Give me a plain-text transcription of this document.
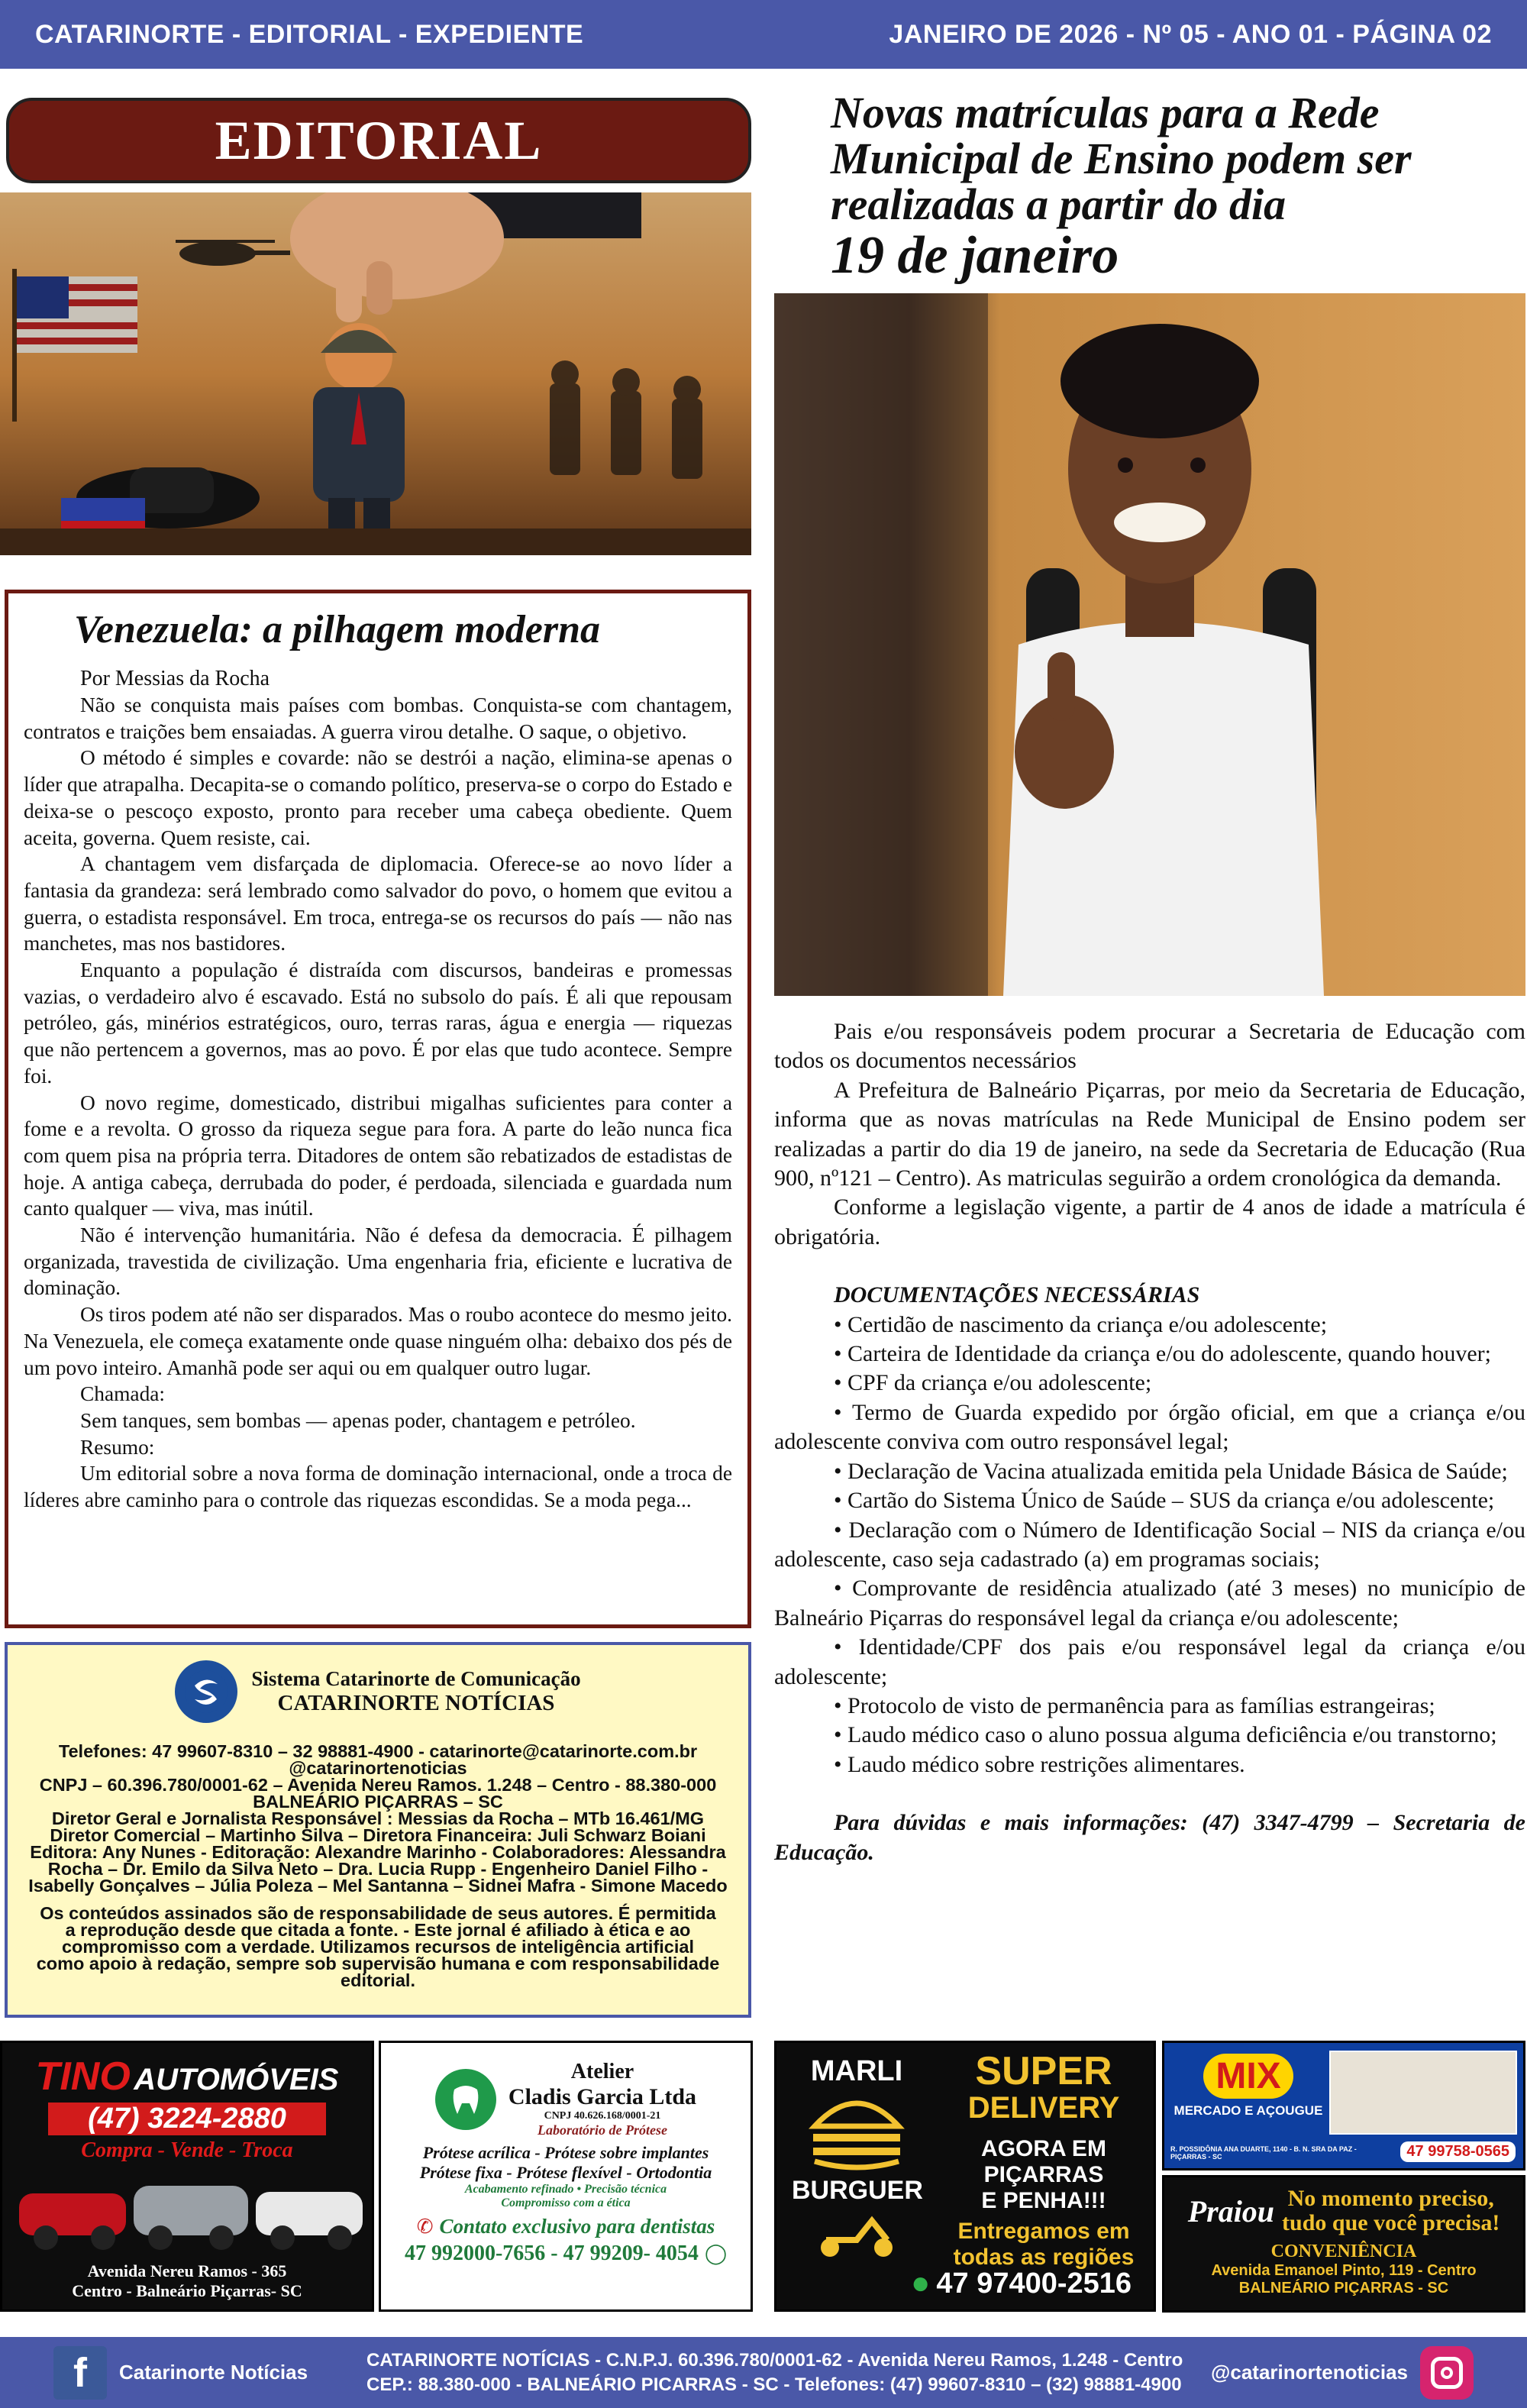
CATARINORTE - EDITORIAL - EXPEDIENTE	JANEIRO DE 2026 - Nº 05 - ANO 01 - PÁGINA 02
EDITORIAL
Venezuela: a pilhagem moderna
Por Messias da Rocha

Não se conquista mais países com bombas. Conquista-se com chantagem, contratos e traições bem ensaiadas. A guerra virou detalhe. O saque, o objetivo.

O método é simples e covarde: não se destrói a nação, elimina-se apenas o líder que atrapalha. Decapita-se o comando político, preserva-se o corpo do Estado e deixa-se o pescoço exposto, pronto para receber uma cabeça obediente. Quem aceita, governa. Quem resiste, cai.

A chantagem vem disfarçada de diplomacia. Oferece-se ao novo líder a fantasia da grandeza: será lembrado como salvador do povo, o homem que evitou a guerra, o estadista responsável. Em troca, entrega-se os recursos do país — não nas manchetes, mas nos bastidores.

Enquanto a população é distraída com discursos, bandeiras e promessas vazias, o verdadeiro alvo é escavado. Está no subsolo do país. É ali que repousam petróleo, gás, minérios estratégicos, ouro, terras raras, água e energia — riquezas que não pertencem a governos, mas ao povo. É por elas que tudo acontece. Sempre foi.

O novo regime, domesticado, distribui migalhas suficientes para conter a fome e a revolta. O grosso da riqueza segue para fora. A parte do leão nunca fica com quem pisa na própria terra. Ditadores de ontem são rebatizados de estadistas de hoje. A antiga cabeça, derrubada do poder, é perdoada, silenciada e guardada num canto qualquer — viva, mas inútil.

Não é intervenção humanitária. Não é defesa da democracia. É pilhagem organizada, travestida de civilização. Uma engenharia fria, eficiente e lucrativa de dominação.

Os tiros podem até não ser disparados. Mas o roubo acontece do mesmo jeito. Na Venezuela, ele começa exatamente onde quase ninguém olha: debaixo dos pés de um povo inteiro. Amanhã pode ser aqui ou em qualquer outro lugar.

Chamada:

Sem tanques, sem bombas — apenas poder, chantagem e petróleo.

Resumo:

Um editorial sobre a nova forma de dominação internacional, onde a troca de líderes abre caminho para o controle das riquezas escondidas. Se a moda pega...

Novas matrículas para a Rede
Municipal de Ensino podem ser
realizadas a partir do dia
19 de janeiro

Pais e/ou responsáveis podem procurar a Secretaria de Educação com todos os documentos necessários

A Prefeitura de Balneário Piçarras, por meio da Secretaria de Educação, informa que as novas matrículas na Rede Municipal de Ensino podem ser realizadas a partir do dia 19 de janeiro, na sede da Secretaria de Educação (Rua 900, nº121 – Centro). As matriculas seguirão a ordem cronológica da demanda.

Conforme a legislação vigente, a partir de 4 anos de idade a matrícula é obrigatória.

DOCUMENTAÇÕES NECESSÁRIAS

• Certidão de nascimento da criança e/ou adolescente;

• Carteira de Identidade da criança e/ou do adolescente, quando houver;

• CPF da criança e/ou adolescente;

• Termo de Guarda expedido por órgão oficial, em que a criança e/ou adolescente conviva com outro responsável legal;

• Declaração de Vacina atualizada emitida pela Unidade Básica de Saúde;

• Cartão do Sistema Único de Saúde – SUS da criança e/ou adolescente;

• Declaração com o Número de Identificação Social – NIS da criança e/ou adolescente, caso seja cadastrado (a) em programas sociais;

• Comprovante de residência atualizado (até 3 meses) no município de Balneário Piçarras do responsável legal da criança e/ou adolescente;

• Identidade/CPF dos pais e/ou responsável legal da criança e/ou adolescente;

• Protocolo de visto de permanência para as famílias estrangeiras;

• Laudo médico caso o aluno possua alguma deficiência e/ou transtorno;

• Laudo médico sobre restrições alimentares.

Para dúvidas e mais informações: (47) 3347-4799 – Secretaria de Educação.

Sistema Catarinorte de Comunicação
CATARINORTE NOTÍCIAS
Telefones: 47 99607-8310 – 32 98881-4900 - catarinorte@catarinorte.com.br
@catarinortenoticias
CNPJ – 60.396.780/0001-62 – Avenida Nereu Ramos. 1.248 – Centro - 88.380-000
BALNEÁRIO PIÇARRAS – SC
Diretor Geral e Jornalista Responsável : Messias da Rocha – MTb 16.461/MG
Diretor Comercial – Martinho Silva – Diretora Financeira: Juli Schwarz Boiani
Editora: Any Nunes - Editoração: Alexandre Marinho - Colaboradores: Alessandra
Rocha – Dr. Emilo da Silva Neto – Dra. Lucia Rupp - Engenheiro Daniel Filho -
Isabelly Gonçalves – Júlia Poleza – Mel Santanna – Sidnei Mafra - Simone Macedo
Os conteúdos assinados são de responsabilidade de seus autores. É permitida
a reprodução desde que citada a fonte. - Este jornal é afiliado à ética e ao
compromisso com a verdade. Utilizamos recursos de inteligência artificial
como apoio à redação, sempre sob supervisão humana e com responsabilidade
editorial.
TINO AUTOMÓVEIS
(47) 3224-2880
Compra - Vende - Troca
Avenida Nereu Ramos - 365
Centro - Balneário Piçarras- SC
Atelier
Cladis Garcia Ltda
CNPJ 40.626.168/0001-21
Laboratório de Prótese
Prótese acrílica - Prótese sobre implantes
Prótese fixa - Prótese flexível - Ortodontia
Acabamento refinado • Precisão técnica
Compromisso com a ética
✆ Contato exclusivo para dentistas
47 992000-7656 - 47 99209- 4054 ◯
MARLI
BURGUER
SUPER
DELIVERY
AGORA EM
PIÇARRAS
E PENHA!!!
Entregamos em
todas as regiões
● 47 97400-2516
MIX
MERCADO E AÇOUGUE
R. POSSIDÔNIA ANA DUARTE, 1140 - B. N. SRA DA PAZ - PIÇARRAS - SC	47 99758-0565
Praiou No momento preciso,
tudo que você precisa!
CONVENIÊNCIA
Avenida Emanoel Pinto, 119 - Centro
BALNEÁRIO PIÇARRAS - SC
f	Catarinorte Notícias
CATARINORTE NOTÍCIAS - C.N.P.J. 60.396.780/0001-62 - Avenida Nereu Ramos, 1.248 - Centro
CEP.: 88.380-000 - BALNEÁRIO PICARRAS - SC - Telefones: (47) 99607-8310 – (32) 98881-4900
@catarinortenoticias
